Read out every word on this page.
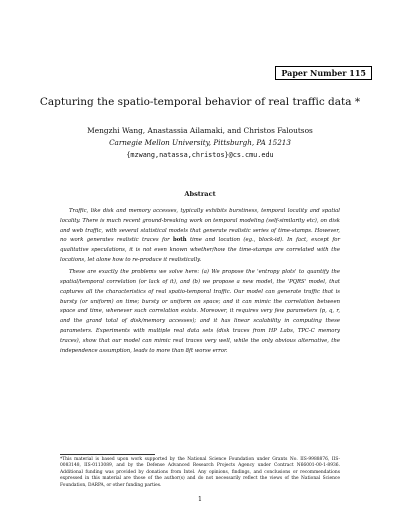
Paper Number 115
Capturing the spatio-temporal behavior of real traffic data *
Mengzhi Wang, Anastassia Ailamaki, and Christos Faloutsos
Carnegie Mellon University, Pittsburgh, PA 15213
{mzwang,natassa,christos}@cs.cmu.edu
Abstract

Traffic, like disk and memory accesses, typically exhibits burstiness, temporal locality and spatial locality. There is much recent ground-breaking work on temporal modeling (self-similarity etc), on disk and web traffic, with several statistical models that generate realistic series of time-stamps. However, no work generates realistic traces for both time and location (eg., block-id). In fact, except for qualitative speculations, it is not even known whether/how the time-stamps are correlated with the locations, let alone how to re-produce it realistically.

These are exactly the problems we solve here: (a) We propose the 'entropy plots' to quantify the spatial/temporal correlation (or lack of it), and (b) we propose a new model, the 'PQRS' model, that captures all the characteristics of real spatio-temporal traffic. Our model can generate traffic that is bursty (or uniform) on time; bursty or uniform on space; and it can mimic the correlation between space and time, whenever such correlation exists. Moreover, it requires very few parameters (p, q, r, and the grand total of disk/memory accesses); and it has linear scalability in computing these parameters. Experiments with multiple real data sets (disk traces from HP Labs, TPC-C memory traces), show that our model can mimic real traces very well, while the only obvious alternative, the independence assumption, leads to more than 8ft worse error.

*This material is based upon work supported by the National Science Foundation under Grants No. IIS-9988876, IIS-0083148, IIS-0113089, and by the Defense Advanced Research Projects Agency under Contract N66001-00-1-8936. Additional funding was provided by donations from Intel. Any opinions, findings, and conclusions or recommendations expressed in this material are those of the author(s) and do not necessarily reflect the views of the National Science Foundation, DARPA, or other funding parties.
1
